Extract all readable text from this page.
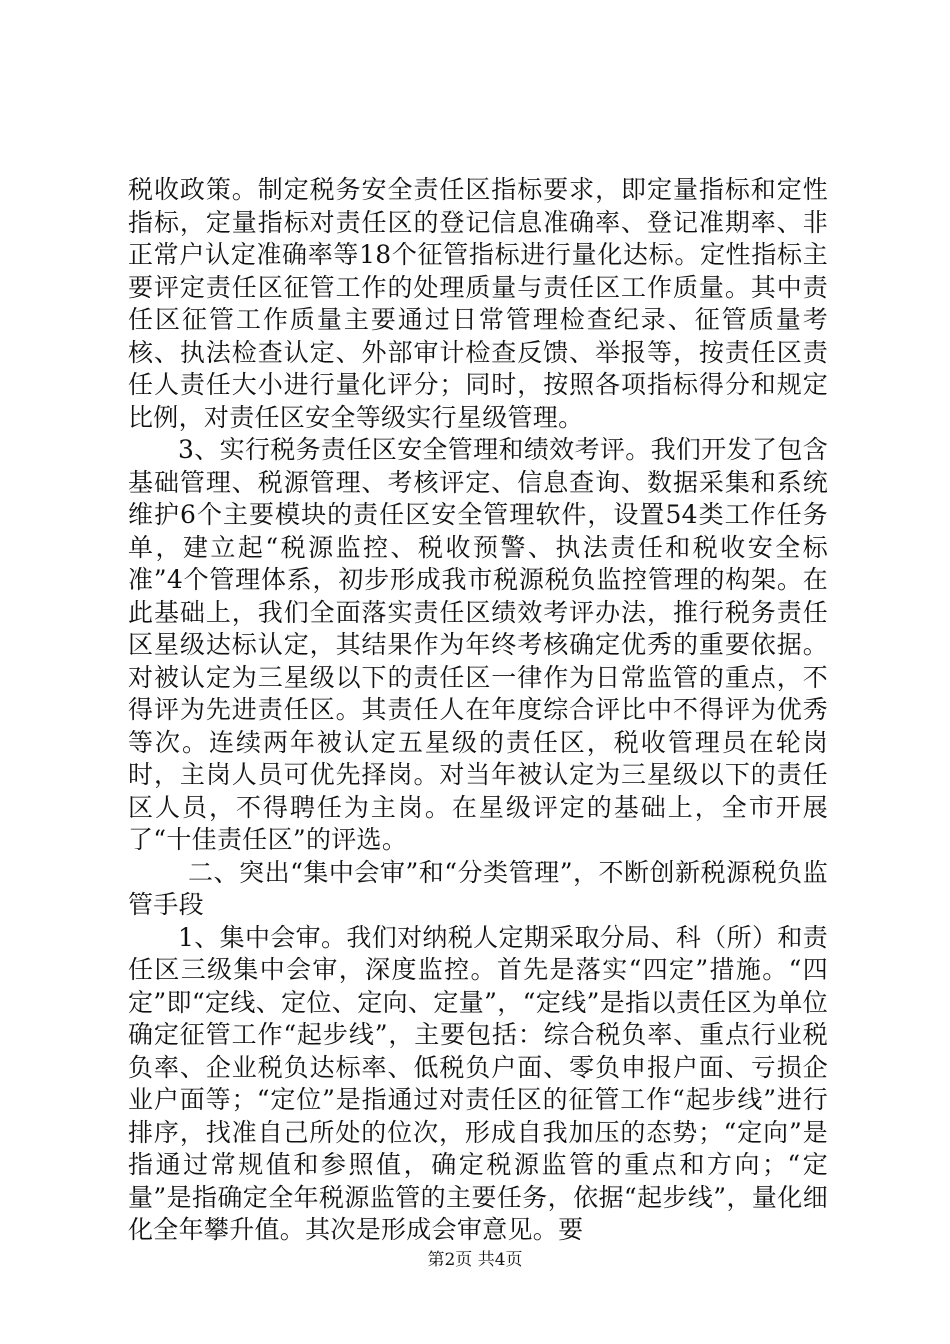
税收政策。制定税务安全责任区指标要求，即定量指标和定性指标，定量指标对责任区的登记信息准确率、登记准期率、非正常户认定准确率等18个征管指标进行量化达标。定性指标主要评定责任区征管工作的处理质量与责任区工作质量。其中责任区征管工作质量主要通过日常管理检查纪录、征管质量考核、执法检查认定、外部审计检查反馈、举报等，按责任区责任人责任大小进行量化评分；同时，按照各项指标得分和规定比例，对责任区安全等级实行星级管理。

3、实行税务责任区安全管理和绩效考评。我们开发了包含基础管理、税源管理、考核评定、信息查询、数据采集和系统维护6个主要模块的责任区安全管理软件，设置54类工作任务单，建立起“税源监控、税收预警、执法责任和税收安全标准”4个管理体系，初步形成我市税源税负监控管理的构架。在此基础上，我们全面落实责任区绩效考评办法，推行税务责任区星级达标认定，其结果作为年终考核确定优秀的重要依据。对被认定为三星级以下的责任区一律作为日常监管的重点，不得评为先进责任区。其责任人在年度综合评比中不得评为优秀等次。连续两年被认定五星级的责任区，税收管理员在轮岗时，主岗人员可优先择岗。对当年被认定为三星级以下的责任区人员，不得聘任为主岗。在星级评定的基础上，全市开展了“十佳责任区”的评选。

二、突出“集中会审”和“分类管理”，不断创新税源税负监管手段

1、集中会审。我们对纳税人定期采取分局、科（所）和责任区三级集中会审，深度监控。首先是落实“四定”措施。“四定”即“定线、定位、定向、定量”，“定线”是指以责任区为单位确定征管工作“起步线”，主要包括：综合税负率、重点行业税负率、企业税负达标率、低税负户面、零负申报户面、亏损企业户面等；“定位”是指通过对责任区的征管工作“起步线”进行排序，找准自己所处的位次，形成自我加压的态势；“定向”是指通过常规值和参照值，确定税源监管的重点和方向；“定量”是指确定全年税源监管的主要任务，依据“起步线”，量化细化全年攀升值。其次是形成会审意见。要

第2页 共4页
